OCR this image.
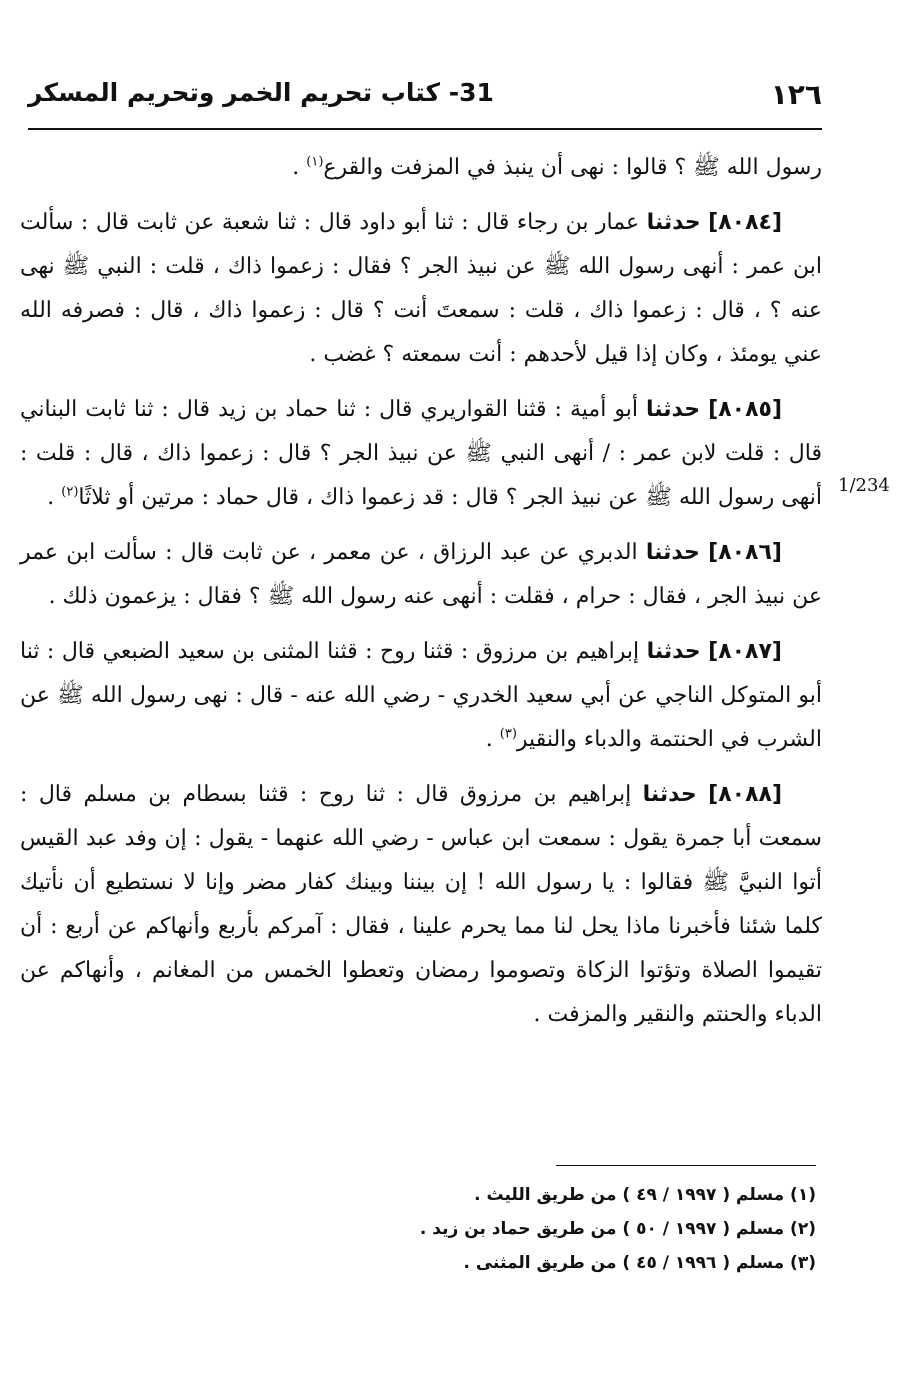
١٢٦
31- كتاب تحريم الخمر وتحريم المسكر
1/234

رسول الله ﷺ ؟ قالوا : نهى أن ينبذ في المزفت والقرع$^{(١)}$ .

[٨٠٨٤] حدثنا عمار بن رجاء قال : ثنا أبو داود قال : ثنا شعبة عن ثابت قال : سألت ابن عمر : أنهى رسول الله ﷺ عن نبيذ الجر ؟ فقال : زعموا ذاك ، قلت : النبي ﷺ نهى عنه ؟ ، قال : زعموا ذاك ، قلت : سمعتَ أنت ؟ قال : زعموا ذاك ، قال : فصرفه الله عني يومئذ ، وكان إذا قيل لأحدهم : أنت سمعته ؟ غضب .

[٨٠٨٥] حدثنا أبو أمية : قثنا القواريري قال : ثنا حماد بن زيد قال : ثنا ثابت البناني قال : قلت لابن عمر : / أنهى النبي ﷺ عن نبيذ الجر ؟ قال : زعموا ذاك ، قال : قلت : أنهى رسول الله ﷺ عن نبيذ الجر ؟ قال : قد زعموا ذاك ، قال حماد : مرتين أو ثلاثًا$^{(٢)}$ .

[٨٠٨٦] حدثنا الدبري عن عبد الرزاق ، عن معمر ، عن ثابت قال : سألت ابن عمر عن نبيذ الجر ، فقال : حرام ، فقلت : أنهى عنه رسول الله ﷺ ؟ فقال : يزعمون ذلك .

[٨٠٨٧] حدثنا إبراهيم بن مرزوق : قثنا روح : قثنا المثنى بن سعيد الضبعي قال : ثنا أبو المتوكل الناجي عن أبي سعيد الخدري - رضي الله عنه - قال : نهى رسول الله ﷺ عن الشرب في الحنتمة والدباء والنقير$^{(٣)}$ .

[٨٠٨٨] حدثنا إبراهيم بن مرزوق قال : ثنا روح : قثنا بسطام بن مسلم قال : سمعت أبا جمرة يقول : سمعت ابن عباس - رضي الله عنهما - يقول : إن وفد عبد القيس أتوا النبيَّ ﷺ فقالوا : يا رسول الله ! إن بيننا وبينك كفار مضر وإنا لا نستطيع أن نأتيك كلما شئنا فأخبرنا ماذا يحل لنا مما يحرم علينا ، فقال : آمركم بأربع وأنهاكم عن أربع : أن تقيموا الصلاة وتؤتوا الزكاة وتصوموا رمضان وتعطوا الخمس من المغانم ، وأنهاكم عن الدباء والحنتم والنقير والمزفت .

(١) مسلم ( ١٩٩٧ / ٤٩ ) من طريق الليث .
(٢) مسلم ( ١٩٩٧ / ٥٠ ) من طريق حماد بن زيد .
(٣) مسلم ( ١٩٩٦ / ٤٥ ) من طريق المثنى .
